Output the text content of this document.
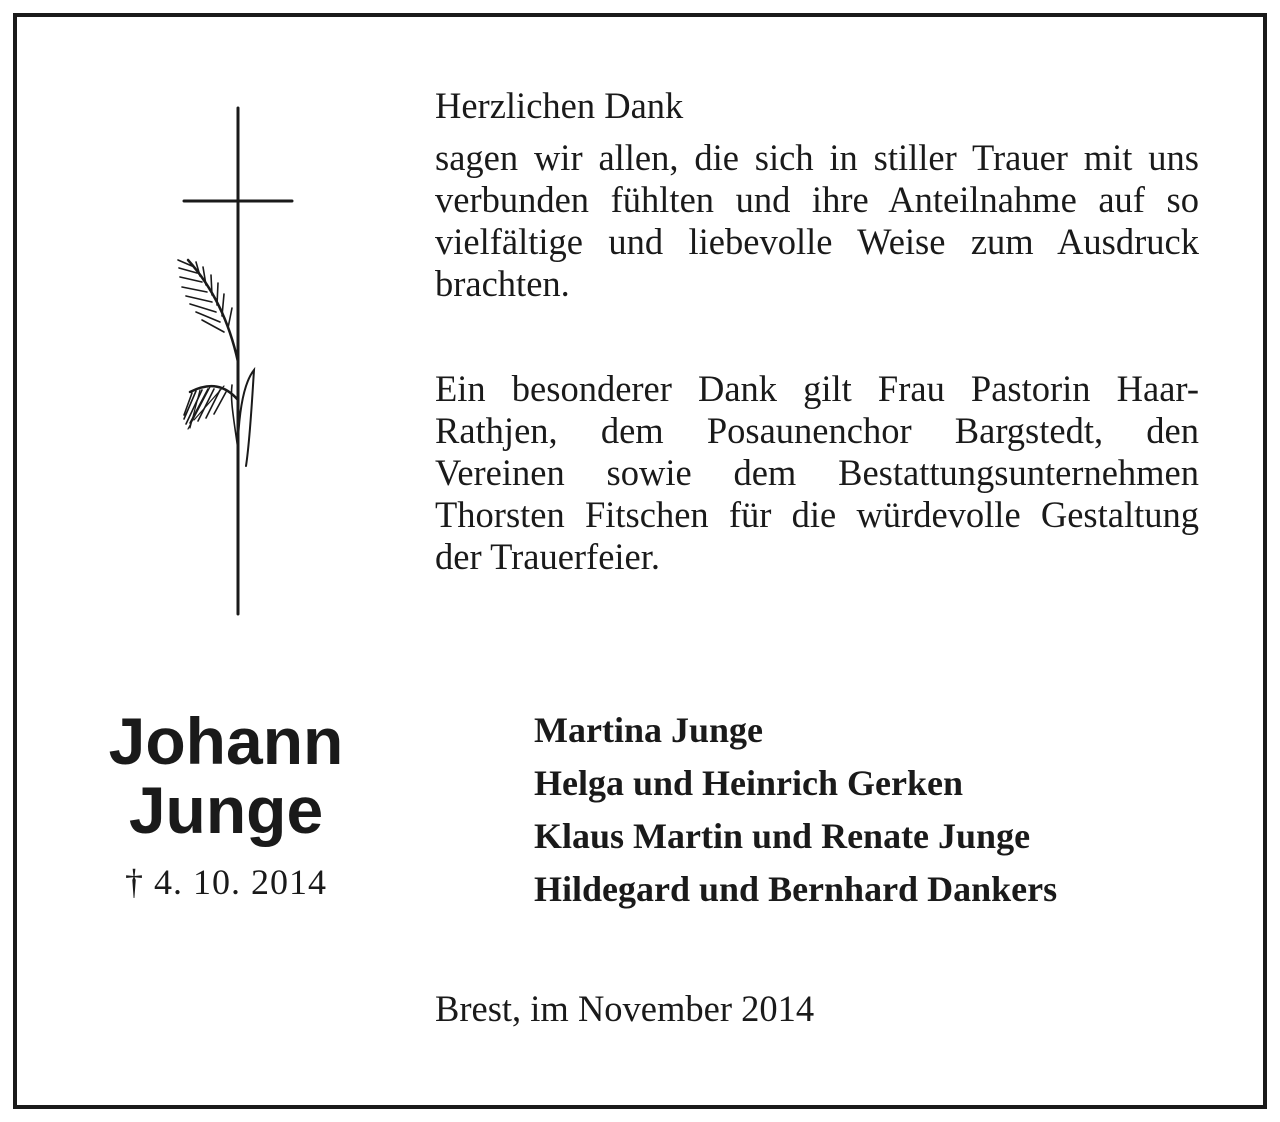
Herzlichen Dank

sagen wir allen, die sich in stiller Trauer mit uns verbunden fühlten und ihre Anteilnahme auf so vielfältige und liebevolle Weise zum Ausdruck brachten.

Ein besonderer Dank gilt Frau Pastorin Haar-Rathjen, dem Posaunenchor Bargstedt, den Vereinen sowie dem Bestattungsunternehmen Thorsten Fitschen für die würdevolle Gestaltung der Trauerfeier.

Johann

Junge

† 4. 10. 2014
Martina Junge
Helga und Heinrich Gerken
Klaus Martin und Renate Junge
Hildegard und Bernhard Dankers
Brest, im November 2014
